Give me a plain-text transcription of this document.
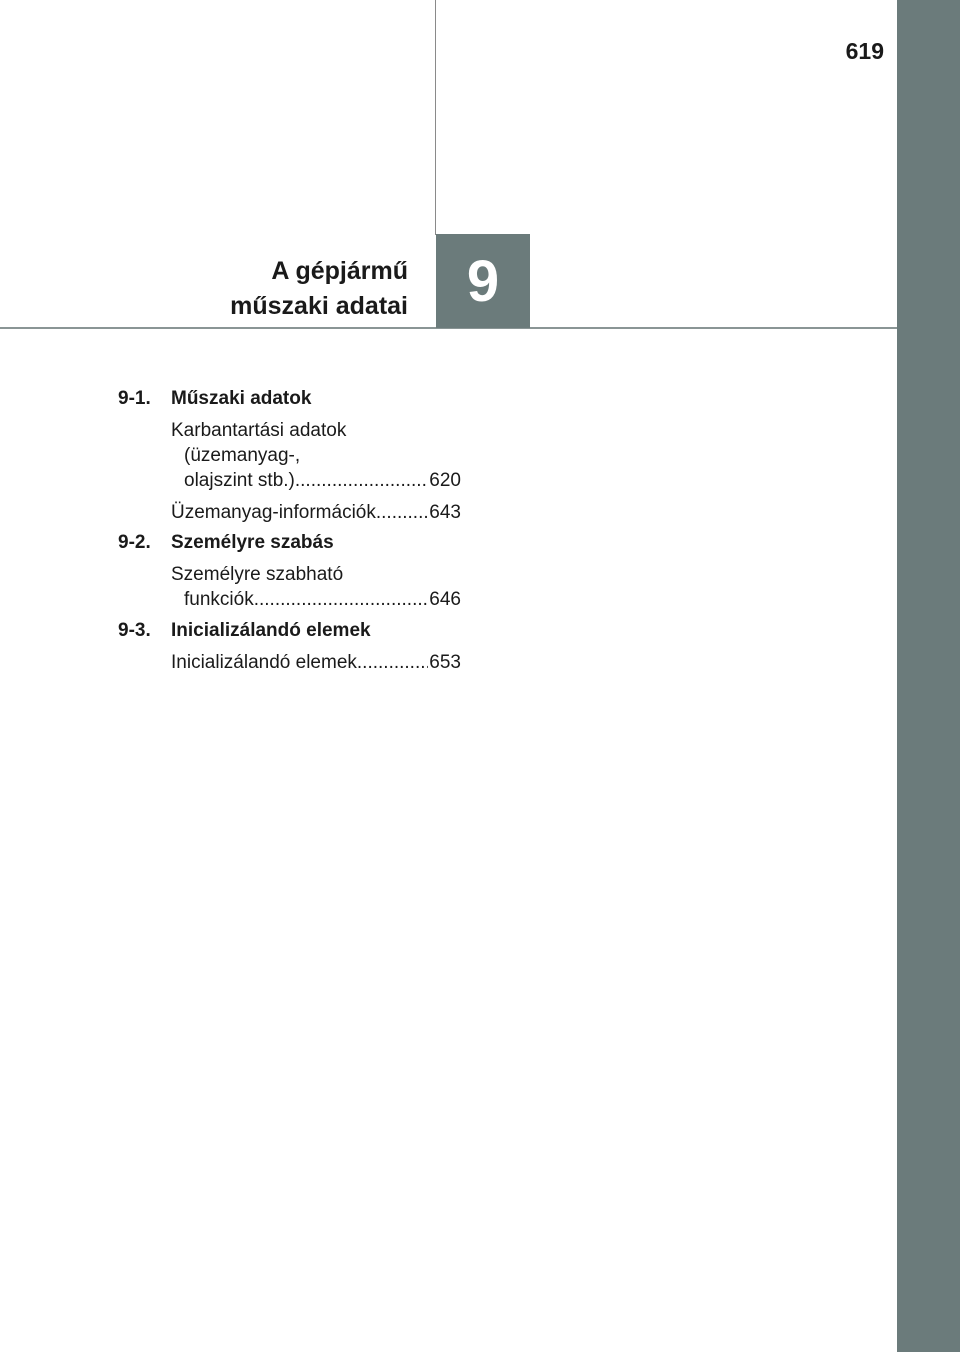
619
9
A gépjármű
műszaki adatai
9-1. Műszaki adatok
Karbantartási adatok
(üzemanyag-,
olajszint stb.) .....	620
Üzemanyag-információk .....	643
9-2. Személyre szabás
Személyre szabható
funkciók .....	646
9-3. Inicializálandó elemek
Inicializálandó elemek .....	653
